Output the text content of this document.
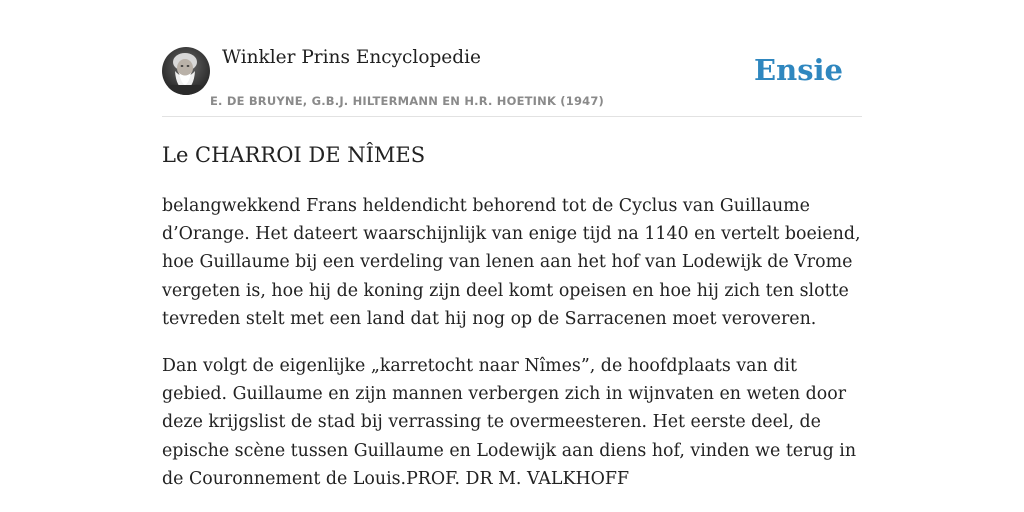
Winkler Prins Encyclopedie
E. DE BRUYNE, G.B.J. HILTERMANN EN H.R. HOETINK (1947)
Ensie
Le CHARROI DE NÎMES

belangwekkend Frans heldendicht behorend tot de Cyclus van Guillaume d’Orange. Het dateert waarschijnlijk van enige tijd na 1140 en vertelt boeiend, hoe Guillaume bij een verdeling van lenen aan het hof van Lodewijk de Vrome vergeten is, hoe hij de koning zijn deel komt opeisen en hoe hij zich ten slotte tevreden stelt met een land dat hij nog op de Sarracenen moet veroveren.

Dan volgt de eigenlijke „karretocht naar Nîmes”, de hoofdplaats van dit gebied. Guillaume en zijn mannen verbergen zich in wijnvaten en weten door deze krijgslist de stad bij verrassing te overmeesteren. Het eerste deel, de epische scène tussen Guillaume en Lodewijk aan diens hof, vinden we terug in de Couronnement de Louis.PROF. DR M. VALKHOFF
